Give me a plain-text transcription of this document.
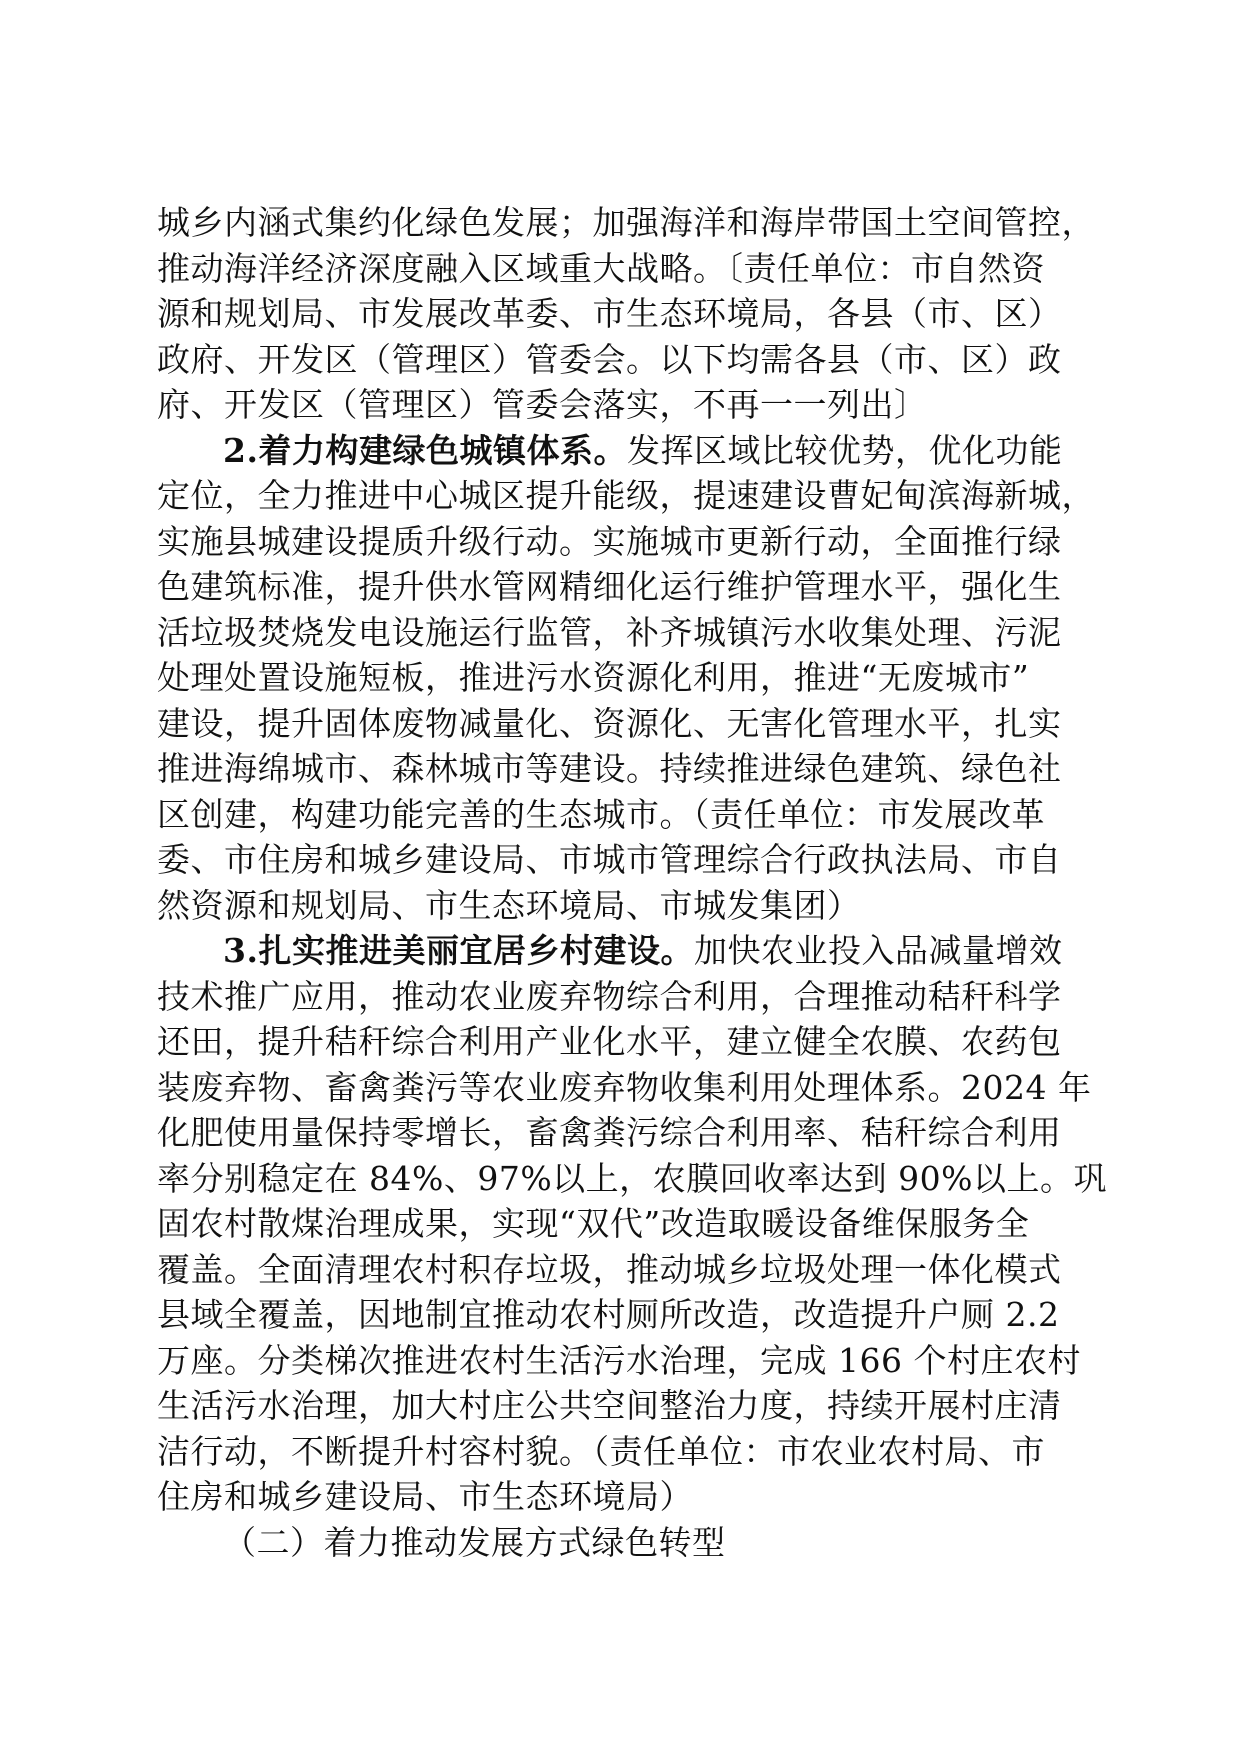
城乡内涵式集约化绿色发展；加强海洋和海岸带国土空间管控，
推动海洋经济深度融入区域重大战略。〔责任单位：市自然资
源和规划局、市发展改革委、市生态环境局，各县（市、区）
政府、开发区（管理区）管委会。以下均需各县（市、区）政
府、开发区（管理区）管委会落实，不再一一列出〕
2.着力构建绿色城镇体系。发挥区域比较优势，优化功能
定位，全力推进中心城区提升能级，提速建设曹妃甸滨海新城，
实施县城建设提质升级行动。实施城市更新行动，全面推行绿
色建筑标准，提升供水管网精细化运行维护管理水平，强化生
活垃圾焚烧发电设施运行监管，补齐城镇污水收集处理、污泥
处理处置设施短板，推进污水资源化利用，推进“无废城市”
建设，提升固体废物减量化、资源化、无害化管理水平，扎实
推进海绵城市、森林城市等建设。持续推进绿色建筑、绿色社
区创建，构建功能完善的生态城市。（责任单位：市发展改革
委、市住房和城乡建设局、市城市管理综合行政执法局、市自
然资源和规划局、市生态环境局、市城发集团）
3.扎实推进美丽宜居乡村建设。加快农业投入品减量增效
技术推广应用，推动农业废弃物综合利用，合理推动秸秆科学
还田，提升秸秆综合利用产业化水平，建立健全农膜、农药包
装废弃物、畜禽粪污等农业废弃物收集利用处理体系。2024 年
化肥使用量保持零增长，畜禽粪污综合利用率、秸秆综合利用
率分别稳定在 84%、97%以上，农膜回收率达到 90%以上。巩
固农村散煤治理成果，实现“双代”改造取暖设备维保服务全
覆盖。全面清理农村积存垃圾，推动城乡垃圾处理一体化模式
县域全覆盖，因地制宜推动农村厕所改造，改造提升户厕 2.2
万座。分类梯次推进农村生活污水治理，完成 166 个村庄农村
生活污水治理，加大村庄公共空间整治力度，持续开展村庄清
洁行动，不断提升村容村貌。（责任单位：市农业农村局、市
住房和城乡建设局、市生态环境局）
（二）着力推动发展方式绿色转型
